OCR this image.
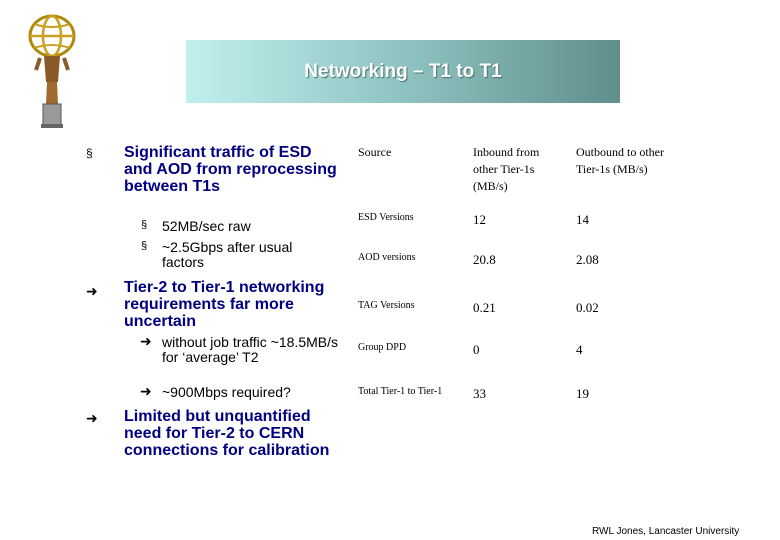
Networking – T1 to T1
§ Significant traffic of ESD and AOD from reprocessing between T1s
§ 52MB/sec raw
§ ~2.5Gbps after usual factors
➜ Tier-2 to Tier-1 networking requirements far more uncertain
➜ without job traffic ~18.5MB/s for ‘average’ T2
➜ ~900Mbps required?
➜ Limited but unquantified need for Tier-2 to CERN connections for calibration
Source	Inbound from other Tier-1s (MB/s)	Outbound to other Tier-1s (MB/s)
ESD Versions	12	14
AOD versions	20.8	2.08
TAG Versions	0.21	0.02
Group DPD	0	4
Total Tier-1 to Tier-1	33	19
RWL Jones, Lancaster University
